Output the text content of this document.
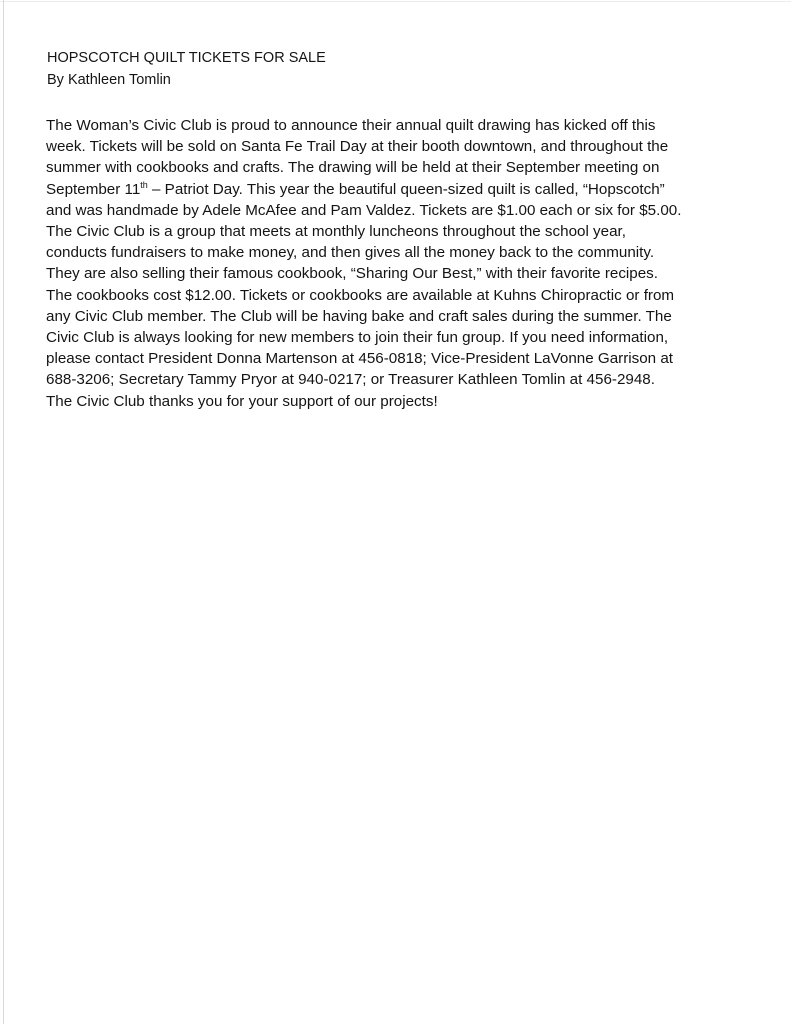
HOPSCOTCH QUILT TICKETS FOR SALE

By Kathleen Tomlin

The Woman’s Civic Club is proud to announce their annual quilt drawing has kicked off this
week. Tickets will be sold on Santa Fe Trail Day at their booth downtown, and throughout the
summer with cookbooks and crafts. The drawing will be held at their September meeting on
September 11th – Patriot Day. This year the beautiful queen-sized quilt is called, “Hopscotch”
and was handmade by Adele McAfee and Pam Valdez. Tickets are $1.00 each or six for $5.00.
The Civic Club is a group that meets at monthly luncheons throughout the school year,
conducts fundraisers to make money, and then gives all the money back to the community.
They are also selling their famous cookbook, “Sharing Our Best,” with their favorite recipes.
The cookbooks cost $12.00. Tickets or cookbooks are available at Kuhns Chiropractic or from
any Civic Club member. The Club will be having bake and craft sales during the summer. The
Civic Club is always looking for new members to join their fun group. If you need information,
please contact President Donna Martenson at 456-0818; Vice-President LaVonne Garrison at
688-3206; Secretary Tammy Pryor at 940-0217; or Treasurer Kathleen Tomlin at 456-2948.
The Civic Club thanks you for your support of our projects!
